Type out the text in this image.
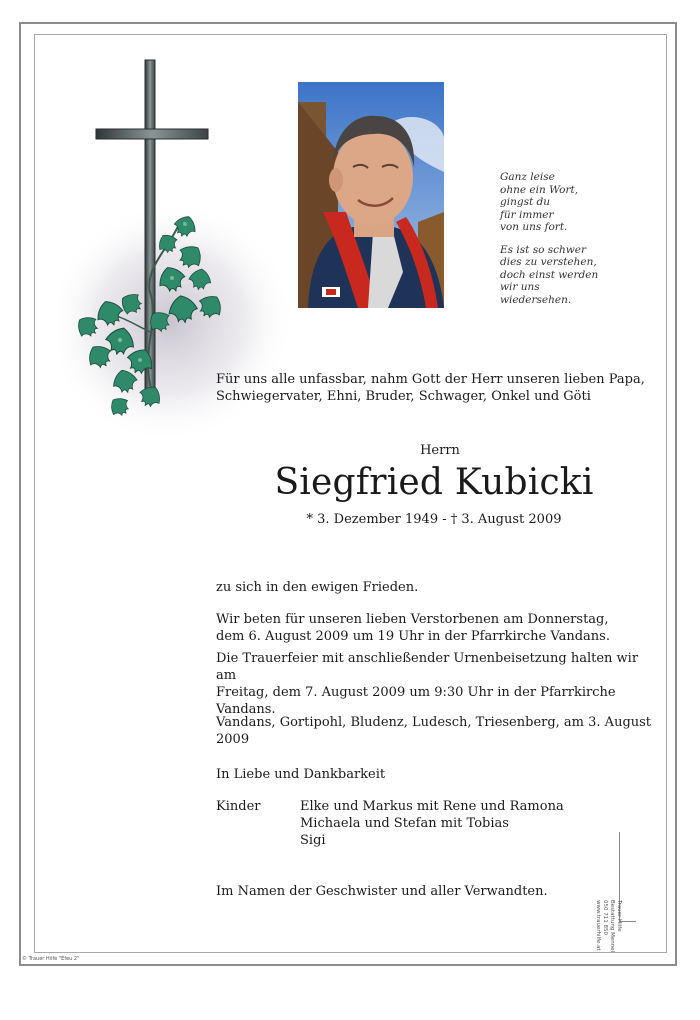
Ganz leise
ohne ein Wort,
gingst du
für immer
von uns fort.

Es ist so schwer
dies zu verstehen,
doch einst werden
wir uns
wiedersehen.

Für uns alle unfassbar, nahm Gott der Herr unseren lieben Papa,
Schwiegervater, Ehni, Bruder, Schwager, Onkel und Göti
Herrn
Siegfried Kubicki
* 3. Dezember 1949 - † 3. August 2009

zu sich in den ewigen Frieden.

Wir beten für unseren lieben Verstorbenen am Donnerstag,

dem 6. August 2009 um 19 Uhr in der Pfarrkirche Vandans.

Die Trauerfeier mit anschließender Urnenbeisetzung halten wir am

Freitag, dem 7. August 2009 um 9:30 Uhr in der Pfarrkirche Vandans.

Vandans, Gortipohl, Bludenz, Ludesch, Triesenberg, am 3. August 2009

In Liebe und Dankbarkeit

Kinder	Elke und Markus mit Rene und Ramona
Michaela und Stefan mit Tobias
Sigi

Im Namen der Geschwister und aller Verwandten.

Trauer Hilfe
Bestattung Mennel
050 711 850
www.trauerhilfe.at
© Trauer Hilfe "Efeu 2"
